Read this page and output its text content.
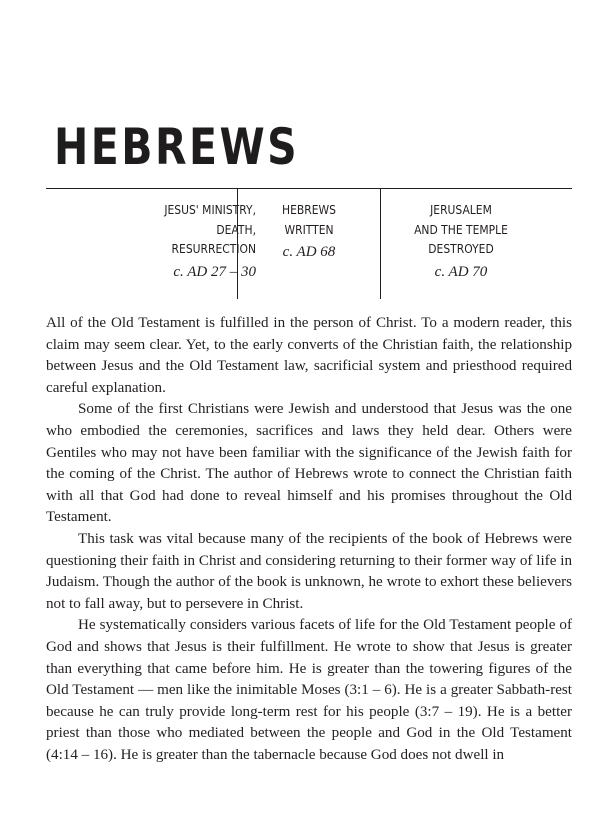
HEBREWS
JESUS' MINISTRY,
DEATH,
RESURRECTION
c. AD 27 – 30
HEBREWS
WRITTEN
c. AD 68
JERUSALEM
AND THE TEMPLE
DESTROYED
c. AD 70

All of the Old Testament is fulfilled in the person of Christ. To a modern reader, this claim may seem clear. Yet, to the early converts of the Christian faith, the relationship between Jesus and the Old Testament law, sacrificial system and priesthood required careful explanation.

Some of the first Christians were Jewish and understood that Jesus was the one who embodied the ceremonies, sacrifices and laws they held dear. Others were Gentiles who may not have been familiar with the significance of the Jewish faith for the coming of the Christ. The author of Hebrews wrote to connect the Christian faith with all that God had done to reveal himself and his promises throughout the Old Testament.

This task was vital because many of the recipients of the book of Hebrews were questioning their faith in Christ and considering returning to their former way of life in Judaism. Though the author of the book is unknown, he wrote to exhort these believers not to fall away, but to persevere in Christ.

He systematically considers various facets of life for the Old Testament people of God and shows that Jesus is their fulfillment. He wrote to show that Jesus is greater than everything that came before him. He is greater than the towering figures of the Old Testament — men like the inimitable Moses (3:1 – 6). He is a greater Sabbath-rest because he can truly provide long-term rest for his people (3:7 – 19). He is a better priest than those who mediated between the people and God in the Old Testament (4:14 – 16). He is greater than the tabernacle because God does not dwell in
